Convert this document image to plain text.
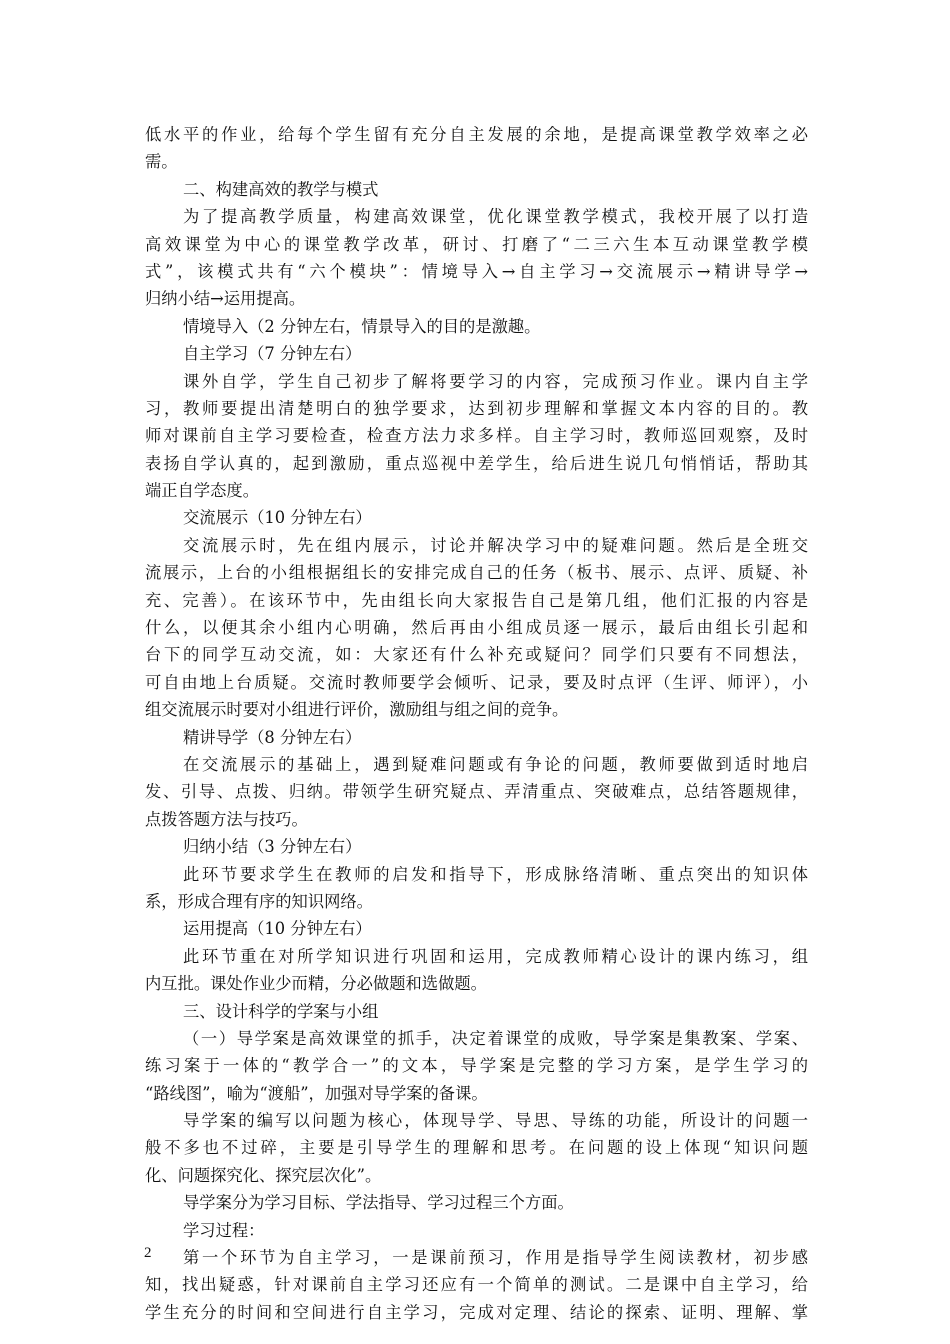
低水平的作业，给每个学生留有充分自主发展的余地，是提高课堂教学效率之必
需。
二、构建高效的教学与模式
为了提高教学质量，构建高效课堂，优化课堂教学模式，我校开展了以打造
高效课堂为中心的课堂教学改革，研讨、打磨了“二三六生本互动课堂教学模
式”，该模式共有“六个模块”：情境导入→自主学习→交流展示→精讲导学→
归纳小结→运用提高。
情境导入（2 分钟左右，情景导入的目的是激趣。
自主学习（7 分钟左右）
课外自学，学生自己初步了解将要学习的内容，完成预习作业。课内自主学
习，教师要提出清楚明白的独学要求，达到初步理解和掌握文本内容的目的。教
师对课前自主学习要检查，检查方法力求多样。自主学习时，教师巡回观察，及时
表扬自学认真的，起到激励，重点巡视中差学生，给后进生说几句悄悄话，帮助其
端正自学态度。
交流展示（10 分钟左右）
交流展示时，先在组内展示，讨论并解决学习中的疑难问题。然后是全班交
流展示，上台的小组根据组长的安排完成自己的任务（板书、展示、点评、质疑、补
充、完善）。在该环节中，先由组长向大家报告自己是第几组，他们汇报的内容是
什么，以便其余小组内心明确，然后再由小组成员逐一展示，最后由组长引起和
台下的同学互动交流，如：大家还有什么补充或疑问？同学们只要有不同想法，
可自由地上台质疑。交流时教师要学会倾听、记录，要及时点评（生评、师评），小
组交流展示时要对小组进行评价，激励组与组之间的竞争。
精讲导学（8 分钟左右）
在交流展示的基础上，遇到疑难问题或有争论的问题，教师要做到适时地启
发、引导、点拨、归纳。带领学生研究疑点、弄清重点、突破难点，总结答题规律，
点拨答题方法与技巧。
归纳小结（3 分钟左右）
此环节要求学生在教师的启发和指导下，形成脉络清晰、重点突出的知识体
系，形成合理有序的知识网络。
运用提高（10 分钟左右）
此环节重在对所学知识进行巩固和运用，完成教师精心设计的课内练习，组
内互批。课处作业少而精，分必做题和选做题。
三、设计科学的学案与小组
（一）导学案是高效课堂的抓手，决定着课堂的成败，导学案是集教案、学案、
练习案于一体的“教学合一”的文本，导学案是完整的学习方案，是学生学习的
“路线图”，喻为“渡船”，加强对导学案的备课。
导学案的编写以问题为核心，体现导学、导思、导练的功能，所设计的问题一
般不多也不过碎，主要是引导学生的理解和思考。在问题的设上体现“知识问题
化、问题探究化、探究层次化”。
导学案分为学习目标、学法指导、学习过程三个方面。
学习过程：
第一个环节为自主学习，一是课前预习，作用是指导学生阅读教材，初步感
知，找出疑惑，针对课前自主学习还应有一个简单的测试。二是课中自主学习，给
学生充分的时间和空间进行自主学习，完成对定理、结论的探索、证明、理解、掌
2
